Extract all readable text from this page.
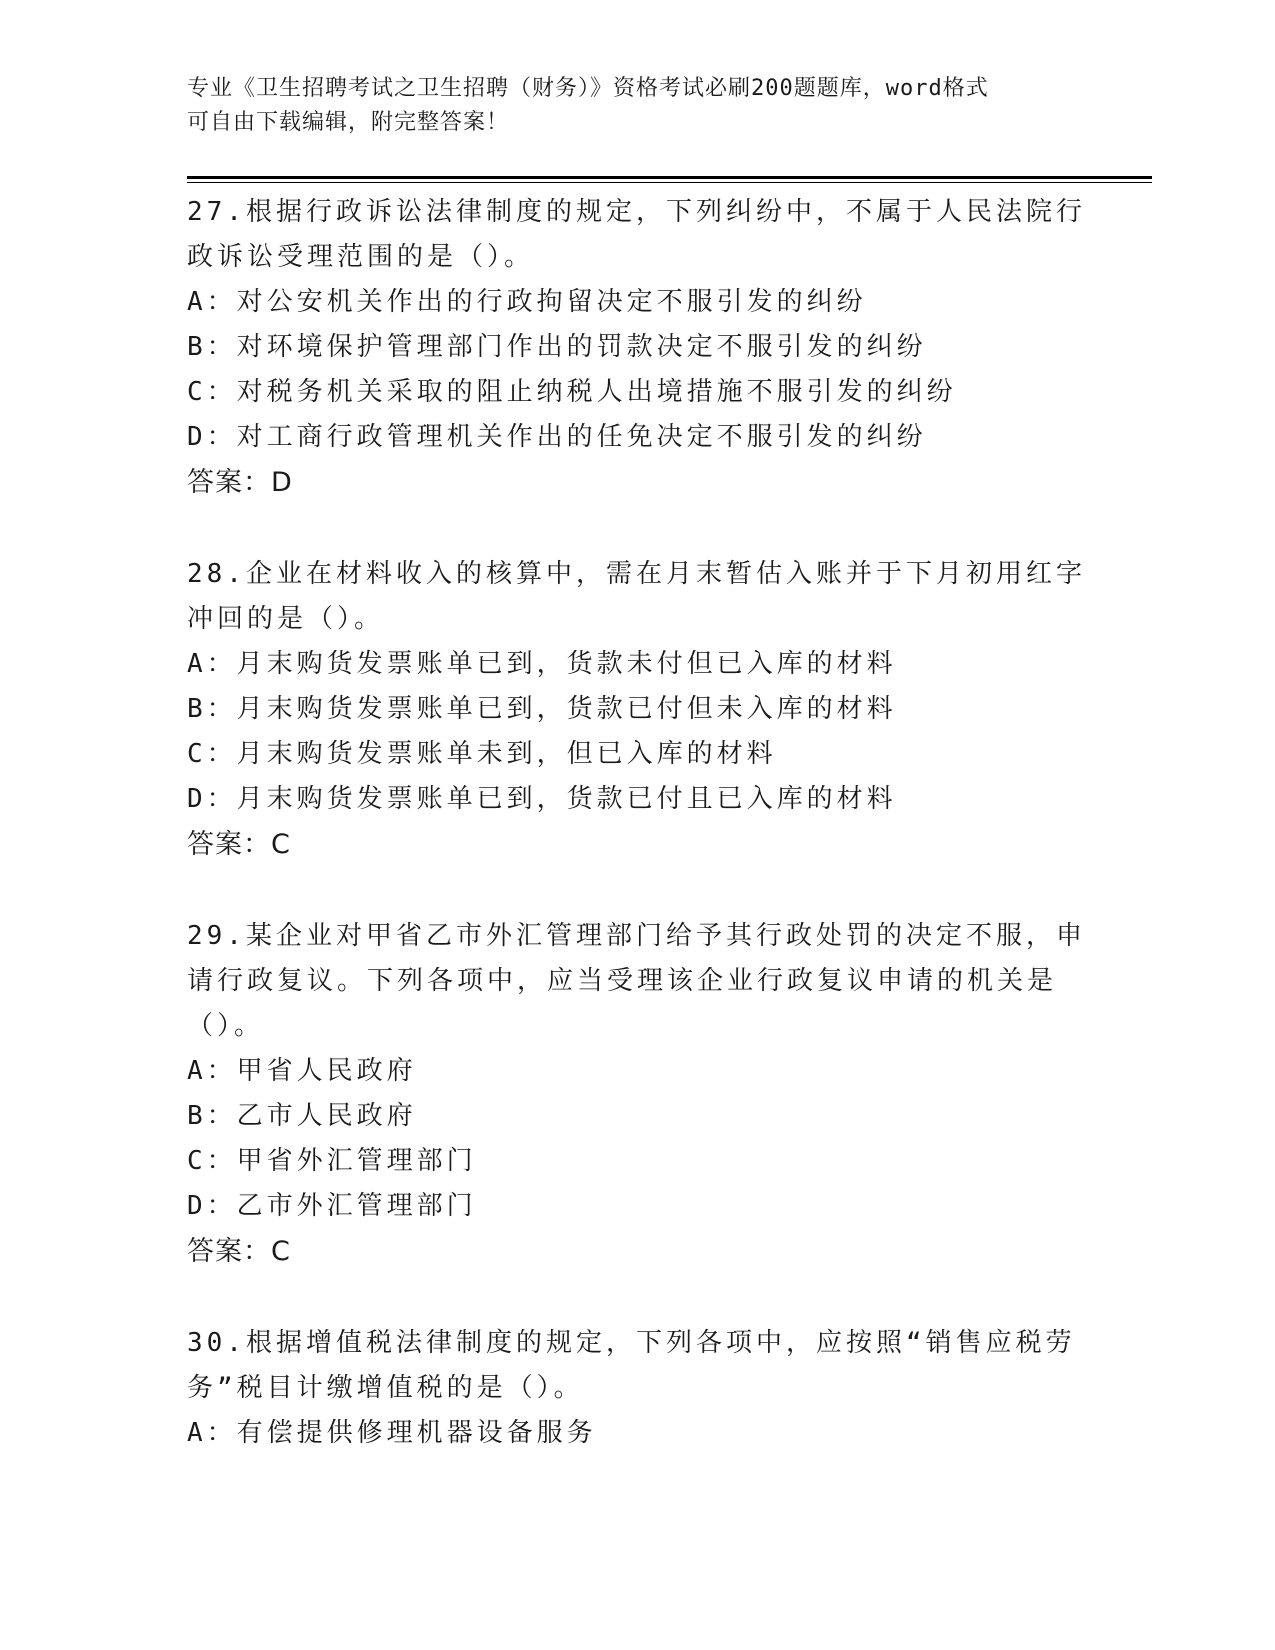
专业《卫生招聘考试之卫生招聘（财务）》资格考试必刷200题题库，word格式

可自由下载编辑，附完整答案！

27.根据行政诉讼法律制度的规定，下列纠纷中，不属于人民法院行政诉讼受理范围的是（）。

A：对公安机关作出的行政拘留决定不服引发的纠纷

B：对环境保护管理部门作出的罚款决定不服引发的纠纷

C：对税务机关采取的阻止纳税人出境措施不服引发的纠纷

D：对工商行政管理机关作出的任免决定不服引发的纠纷

答案：D

28.企业在材料收入的核算中，需在月末暂估入账并于下月初用红字冲回的是（）。

A：月末购货发票账单已到，货款未付但已入库的材料

B：月末购货发票账单已到，货款已付但未入库的材料

C：月末购货发票账单未到，但已入库的材料

D：月末购货发票账单已到，货款已付且已入库的材料

答案：C

29.某企业对甲省乙市外汇管理部门给予其行政处罚的决定不服，申请行政复议。下列各项中，应当受理该企业行政复议申请的机关是（）。

A：甲省人民政府

B：乙市人民政府

C：甲省外汇管理部门

D：乙市外汇管理部门

答案：C

30.根据增值税法律制度的规定，下列各项中，应按照“销售应税劳务”税目计缴增值税的是（）。

A：有偿提供修理机器设备服务
